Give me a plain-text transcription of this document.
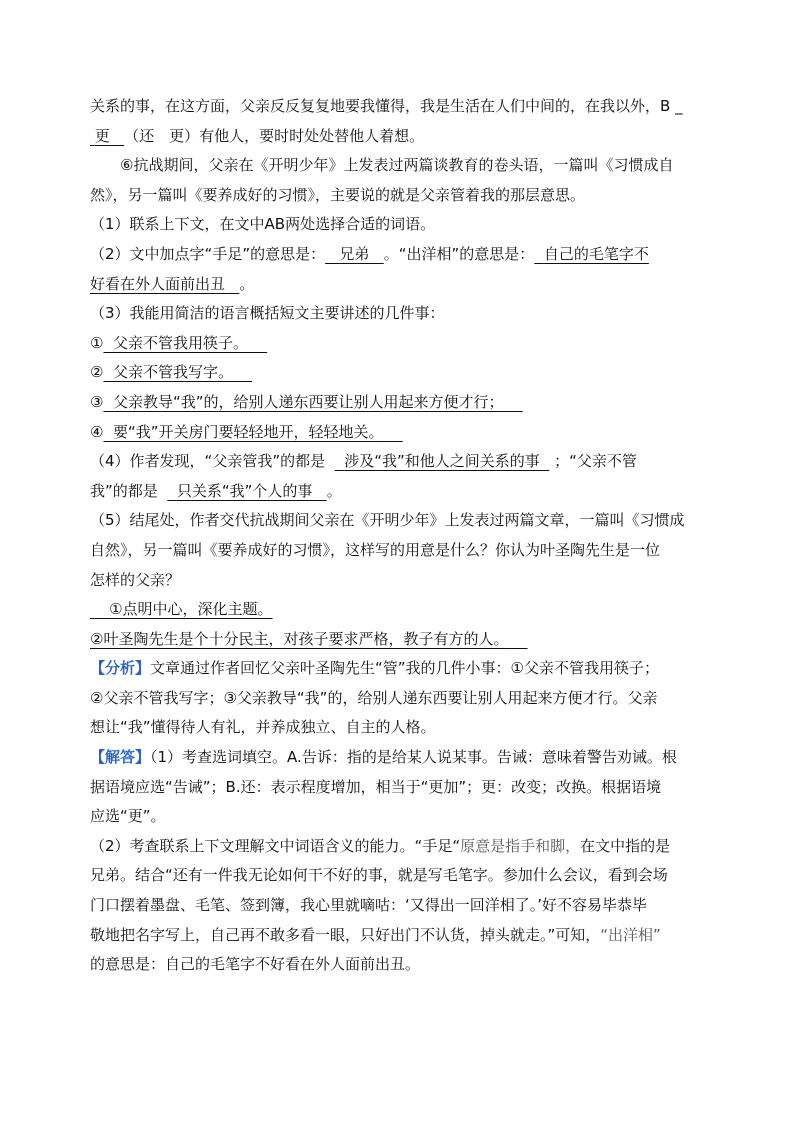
关系的事，在这方面，父亲反反复复地要我懂得，我是生活在人们中间的，在我以外，B _
更 （还　更）有他人，要时时处处替他人着想。
⑥抗战期间，父亲在《开明少年》上发表过两篇谈教育的卷头语，一篇叫《习惯成自
然》，另一篇叫《要养成好的习惯》，主要说的就是父亲管着我的那层意思。
（1）联系上下文，在文中AB两处选择合适的词语。
（2）文中加点字“手足”的意思是： 兄弟 。“出洋相”的意思是： 自己的毛笔字不
好看在外人面前出丑 。
（3）我能用简洁的语言概括短文主要讲述的几件事：
① 父亲不管我用筷子。
② 父亲不管我写字。
③ 父亲教导“我”的，给别人递东西要让别人用起来方便才行；
④ 要“我”开关房门要轻轻地开，轻轻地关。
（4）作者发现，“父亲管我”的都是 涉及“我”和他人之间关系的事 ；“父亲不管
我”的都是 只关系“我”个人的事 。
（5）结尾处，作者交代抗战期间父亲在《开明少年》上发表过两篇文章，一篇叫《习惯成
自然》，另一篇叫《要养成好的习惯》，这样写的用意是什么？你认为叶圣陶先生是一位
怎样的父亲？
①点明中心，深化主题。
②叶圣陶先生是个十分民主，对孩子要求严格，教子有方的人。
【分析】文章通过作者回忆父亲叶圣陶先生“管”我的几件小事：①父亲不管我用筷子；
②父亲不管我写字；③父亲教导“我”的，给别人递东西要让别人用起来方便才行。父亲
想让“我”懂得待人有礼，并养成独立、自主的人格。
【解答】（1）考查选词填空。A.告诉：指的是给某人说某事。告诫：意味着警告劝诫。根
据语境应选“告诫”；B.还：表示程度增加，相当于“更加”；更：改变；改换。根据语境
应选“更”。
（2）考查联系上下文理解文中词语含义的能力。“手足“原意是指手和脚，在文中指的是
兄弟。结合“还有一件我无论如何干不好的事，就是写毛笔字。参加什么会议，看到会场
门口摆着墨盘、毛笔、签到簿，我心里就嘀咕：‘又得出一回洋相了。’好不容易毕恭毕
敬地把名字写上，自己再不敢多看一眼，只好出门不认货，掉头就走。”可知，“出洋相”
的意思是：自己的毛笔字不好看在外人面前出丑。
